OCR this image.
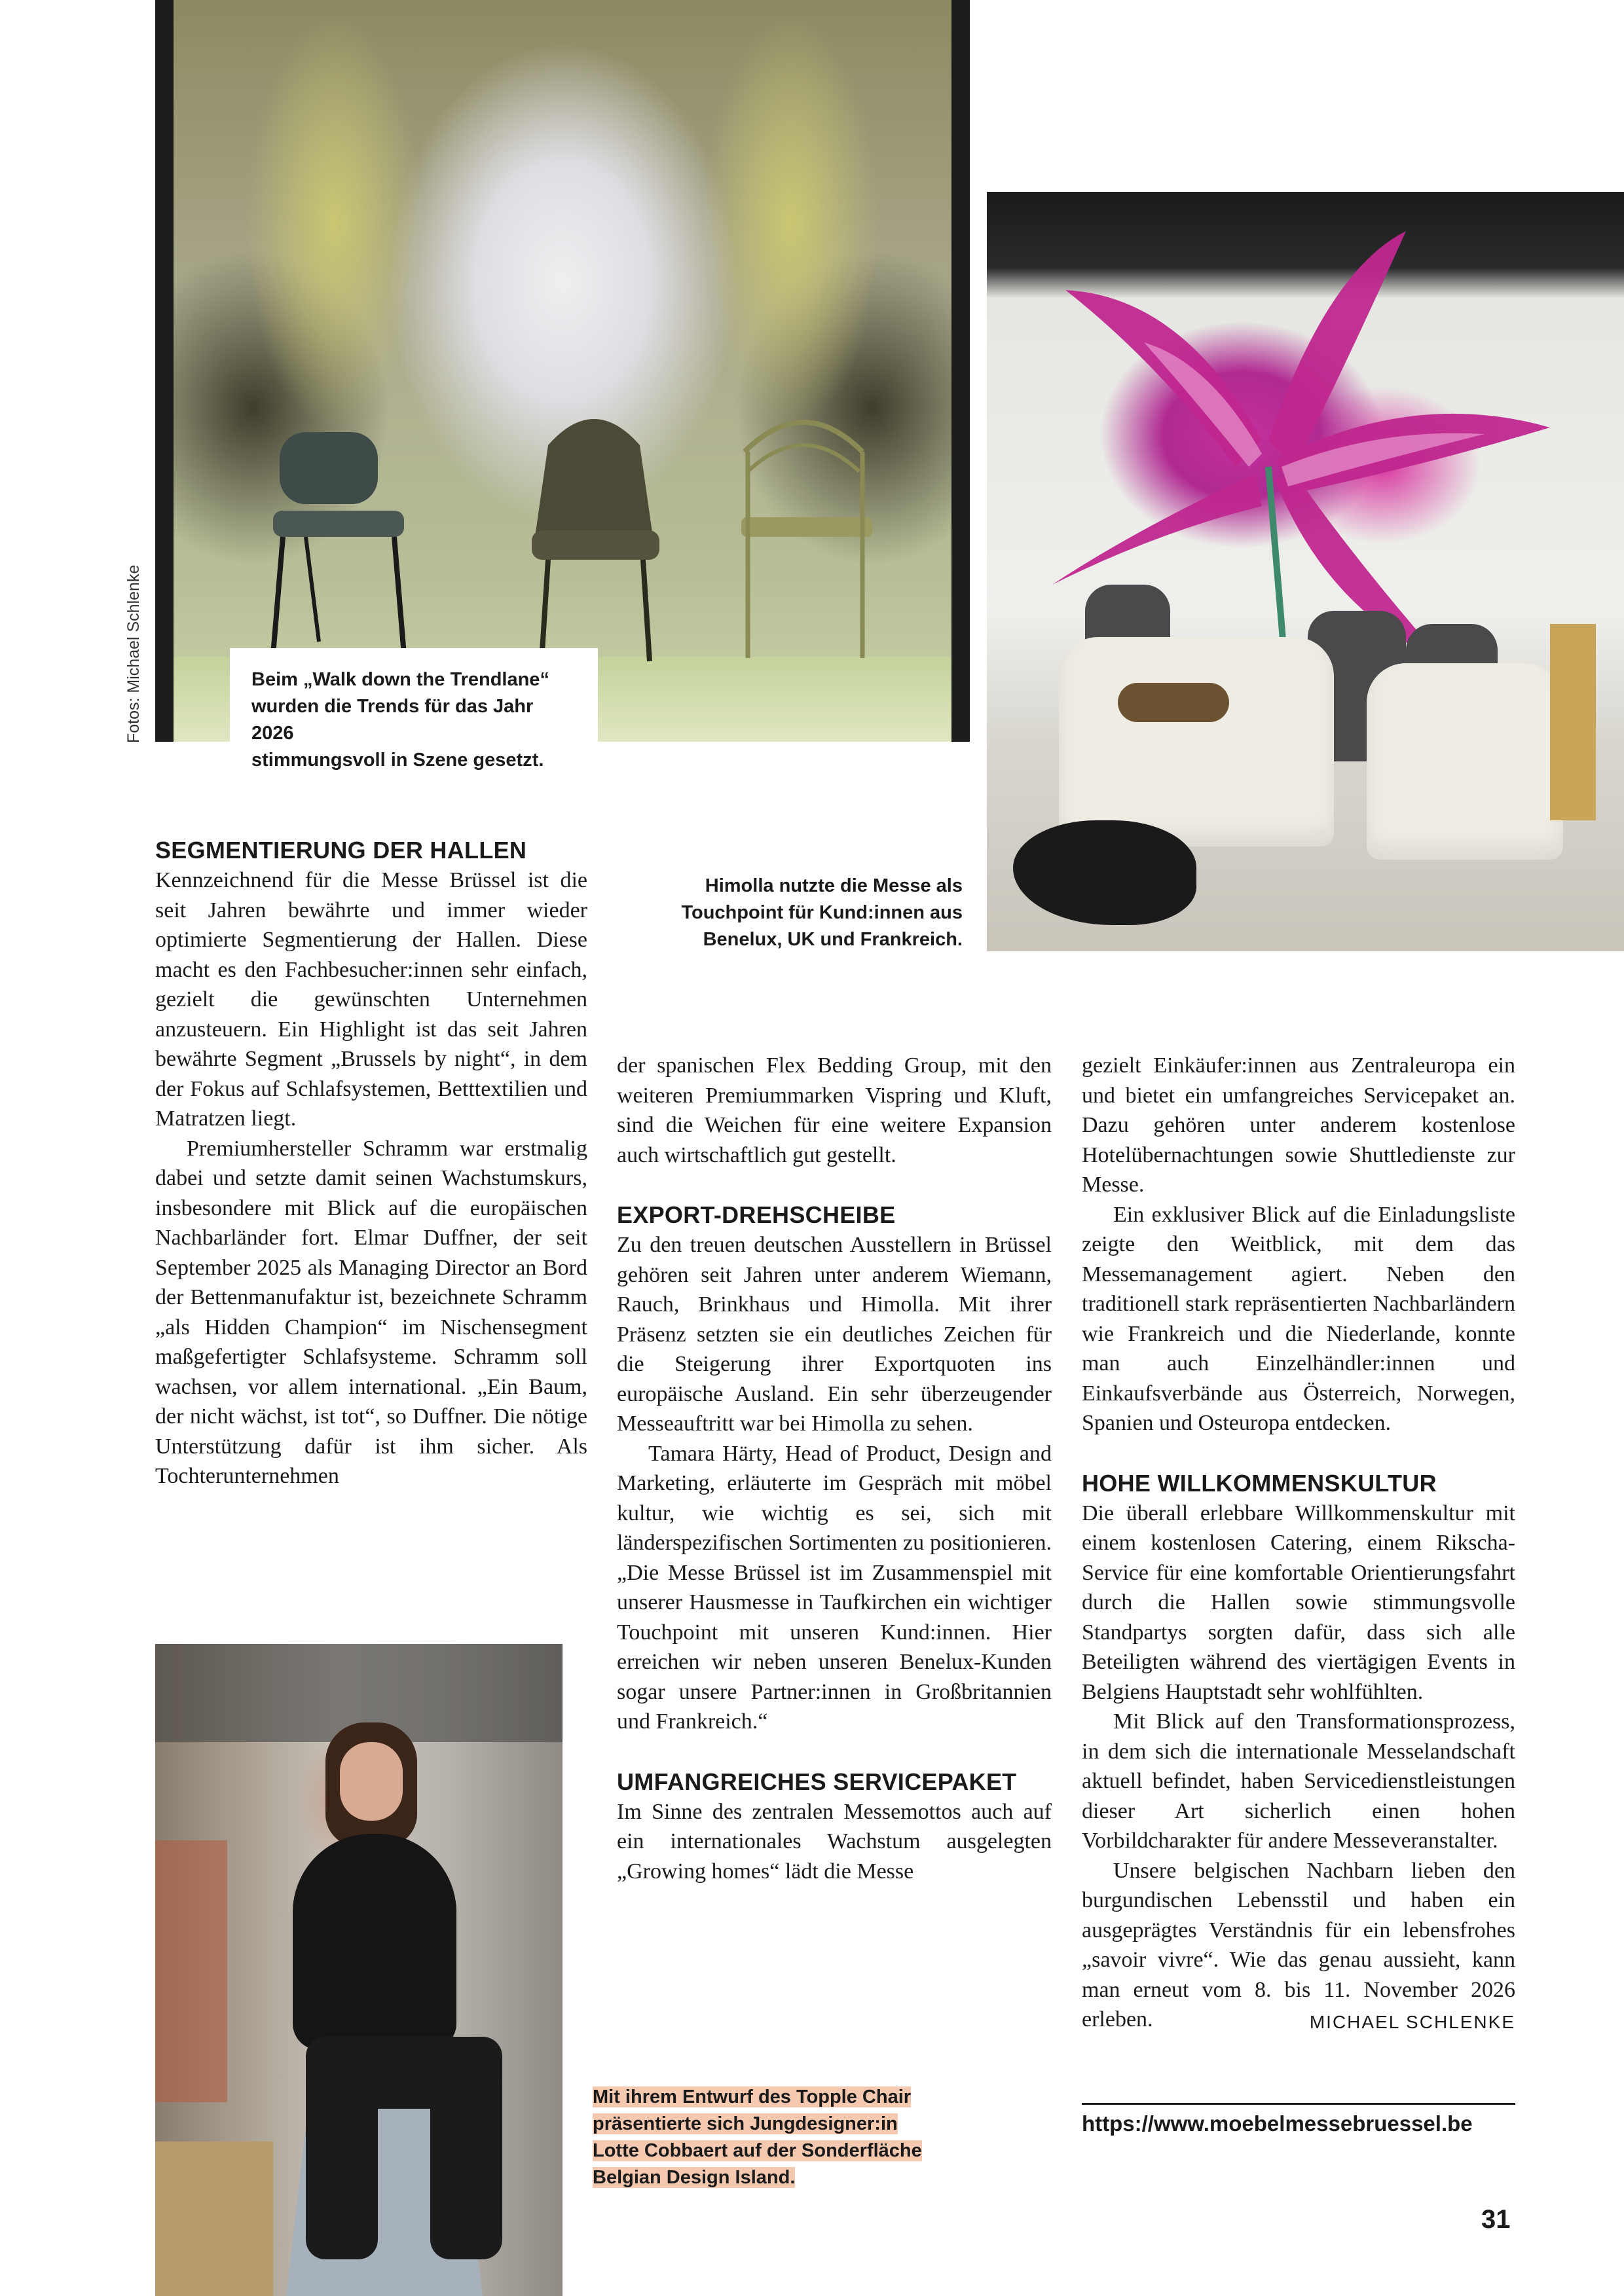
Fotos: Michael Schlenke	Beim „Walk down the Trendlane“
wurden die Trends für das Jahr 2026
stimmungsvoll in Szene gesetzt.
Himolla nutzte die Messe als
Touchpoint für Kund:innen aus
Benelux, UK und Frankreich.
SEGMENTIERUNG DER HALLEN

Kennzeichnend für die Messe Brüssel ist die seit Jahren bewährte und immer wieder optimierte Segmentierung der Hallen. Diese macht es den Fachbesucher:innen sehr einfach, gezielt die gewünschten Unternehmen anzusteuern. Ein Highlight ist das seit Jahren bewährte Segment „Brussels by night“, in dem der Fokus auf Schlafsystemen, Betttextilien und Matratzen liegt.

Premiumhersteller Schramm war erstmalig dabei und setzte damit seinen Wachstumskurs, insbesondere mit Blick auf die europäischen Nachbarländer fort. Elmar Duffner, der seit September 2025 als Managing Director an Bord der Bettenmanufaktur ist, bezeichnete Schramm „als Hidden Champion“ im Nischensegment maßgefertigter Schlafsysteme. Schramm soll wachsen, vor allem international. „Ein Baum, der nicht wächst, ist tot“, so Duffner. Die nötige Unterstützung dafür ist ihm sicher. Als Tochterunternehmen

der spanischen Flex Bedding Group, mit den weiteren Premiummarken Vispring und Kluft, sind die Weichen für eine weitere Expansion auch wirtschaftlich gut gestellt.

EXPORT-DREHSCHEIBE

Zu den treuen deutschen Ausstellern in Brüssel gehören seit Jahren unter anderem Wiemann, Rauch, Brinkhaus und Himolla. Mit ihrer Präsenz setzten sie ein deutliches Zeichen für die Steigerung ihrer Exportquoten ins europäische Ausland. Ein sehr überzeugender Messeauftritt war bei Himolla zu sehen.

Tamara Härty, Head of Product, Design and Marketing, erläuterte im Gespräch mit möbel kultur, wie wichtig es sei, sich mit länderspezifischen Sortimenten zu positionieren. „Die Messe Brüssel ist im Zusammenspiel mit unserer Hausmesse in Taufkirchen ein wichtiger Touchpoint mit unseren Kund:innen. Hier erreichen wir neben unseren Benelux-Kunden sogar unsere Partner:innen in Großbritannien und Frankreich.“

UMFANGREICHES SERVICEPAKET

Im Sinne des zentralen Messemottos auch auf ein internationales Wachstum ausgelegten „Growing homes“ lädt die Messe

gezielt Einkäufer:innen aus Zentraleuropa ein und bietet ein umfangreiches Servicepaket an. Dazu gehören unter anderem kostenlose Hotelübernachtungen sowie Shuttledienste zur Messe.

Ein exklusiver Blick auf die Einladungsliste zeigte den Weitblick, mit dem das Messemanagement agiert. Neben den traditionell stark repräsentierten Nachbarländern wie Frankreich und die Niederlande, konnte man auch Einzelhändler:innen und Einkaufsverbände aus Österreich, Norwegen, Spanien und Osteuropa entdecken.

HOHE WILLKOMMENSKULTUR

Die überall erlebbare Willkommenskultur mit einem kostenlosen Catering, einem Rikscha-Service für eine komfortable Orientierungsfahrt durch die Hallen sowie stimmungsvolle Standpartys sorgten dafür, dass sich alle Beteiligten während des viertägigen Events in Belgiens Hauptstadt sehr wohlfühlten.

Mit Blick auf den Transformationsprozess, in dem sich die internationale Messelandschaft aktuell befindet, haben Servicedienstleistungen dieser Art sicherlich einen hohen Vorbildcharakter für andere Messeveranstalter.

Unsere belgischen Nachbarn lieben den burgundischen Lebensstil und haben ein ausgeprägtes Verständnis für ein lebensfrohes „savoir vivre“. Wie das genau aussieht, kann man erneut vom 8. bis 11. November 2026 erleben.	MICHAEL SCHLENKE

Mit ihrem Entwurf des Topple Chair
präsentierte sich Jungdesigner:in
Lotte Cobbaert auf der Sonderfläche
Belgian Design Island.
https://www.moebelmessebruessel.be
31
